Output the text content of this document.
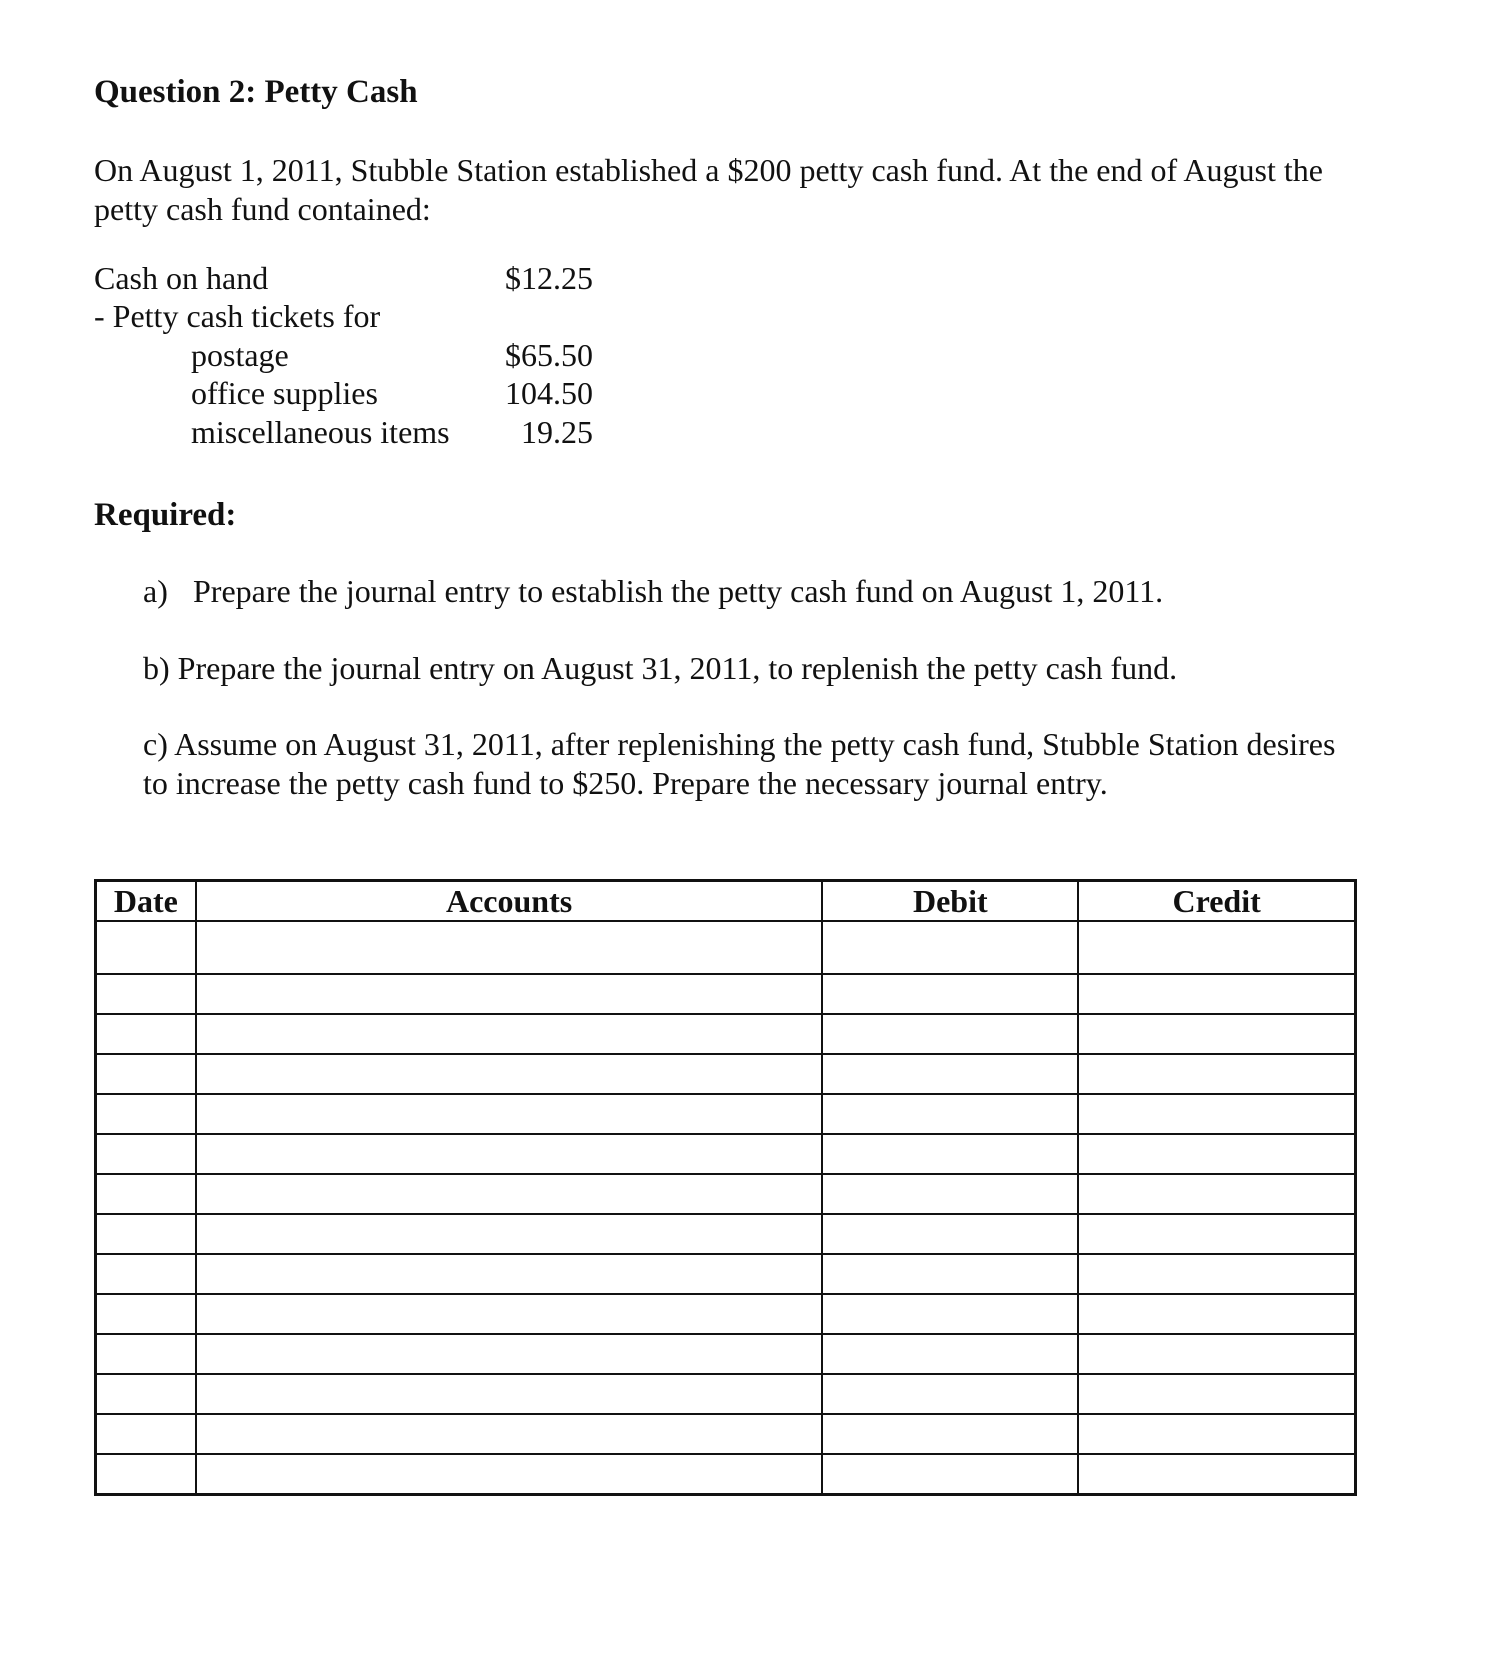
Question 2: Petty Cash
On August 1, 2011, Stubble Station established a $200 petty cash fund. At the end of August the
petty cash fund contained:
Cash on hand	$12.25
- Petty cash tickets for
postage	$65.50
office supplies	104.50
miscellaneous items	19.25
Required:
a) Prepare the journal entry to establish the petty cash fund on August 1, 2011.
b) Prepare the journal entry on August 31, 2011, to replenish the petty cash fund.
c) Assume on August 31, 2011, after replenishing the petty cash fund, Stubble Station desires
to increase the petty cash fund to $250. Prepare the necessary journal entry.
Date	Accounts	Debit	Credit
